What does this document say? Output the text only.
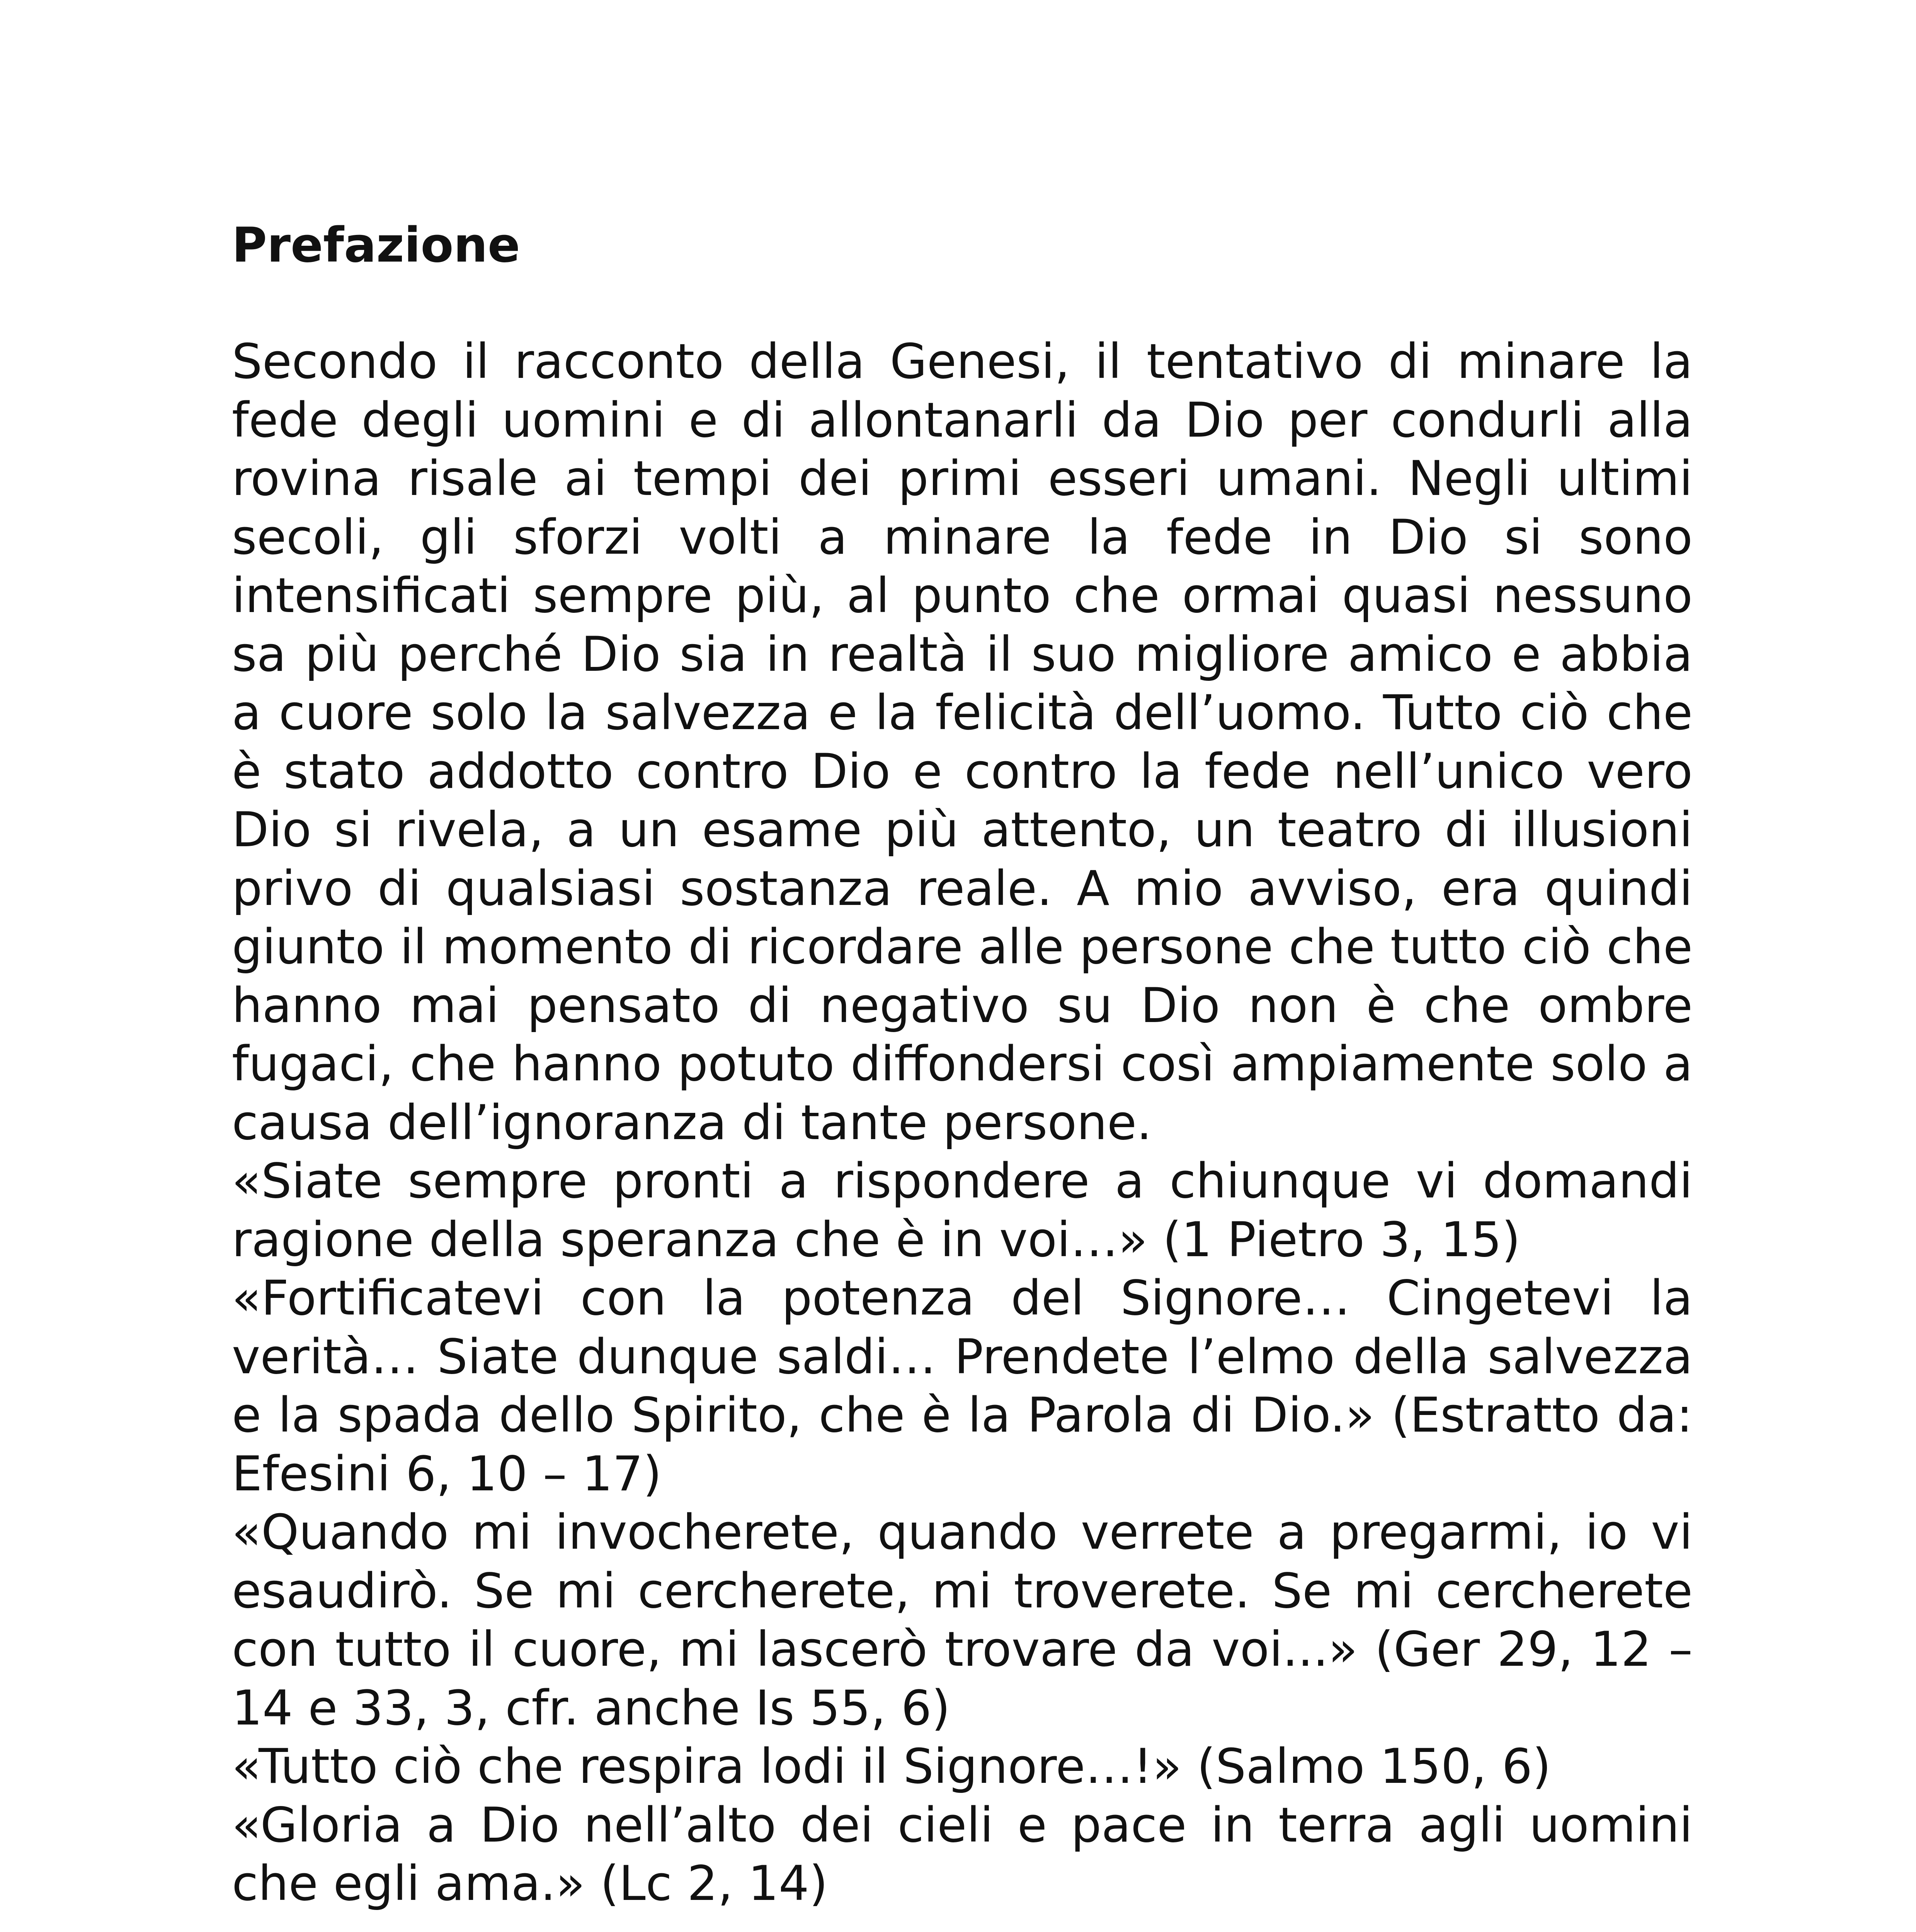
Prefazione

Secondo il racconto della Genesi, il tentativo di minare la fede degli uomini e di allontanarli da Dio per condurli alla rovina risale ai tempi dei primi esseri umani. Negli ultimi secoli, gli sforzi volti a minare la fede in Dio si sono intensificati sempre più, al punto che ormai quasi nessuno sa più perché Dio sia in realtà il suo migliore amico e abbia a cuore solo la salvezza e la felicità dell’uomo. Tutto ciò che è stato addotto contro Dio e contro la fede nell’unico vero Dio si rivela, a un esame più attento, un teatro di illusioni privo di qualsiasi sostanza reale. A mio avviso, era quindi giunto il momento di ricordare alle persone che tutto ciò che hanno mai pensato di negativo su Dio non è che ombre fugaci, che hanno potuto diffondersi così ampiamente solo a causa dell’ignoranza di tante persone.

«Siate sempre pronti a rispondere a chiunque vi domandi ragione della speranza che è in voi…» (1 Pietro 3, 15)

«Fortificatevi con la potenza del Signore… Cingetevi la verità… Siate dunque saldi… Prendete l’elmo della salvezza e la spada dello Spirito, che è la Parola di Dio.» (Estratto da: Efesini 6, 10 – 17)

«Quando mi invocherete, quando verrete a pregarmi, io vi esaudirò. Se mi cercherete, mi troverete. Se mi cercherete con tutto il cuore, mi lascerò trovare da voi...» (Ger 29, 12 – 14 e 33, 3, cfr. anche Is 55, 6)

«Tutto ciò che respira lodi il Signore…!» (Salmo 150, 6)

«Gloria a Dio nell’alto dei cieli e pace in terra agli uomini che egli ama.» (Lc 2, 14)
